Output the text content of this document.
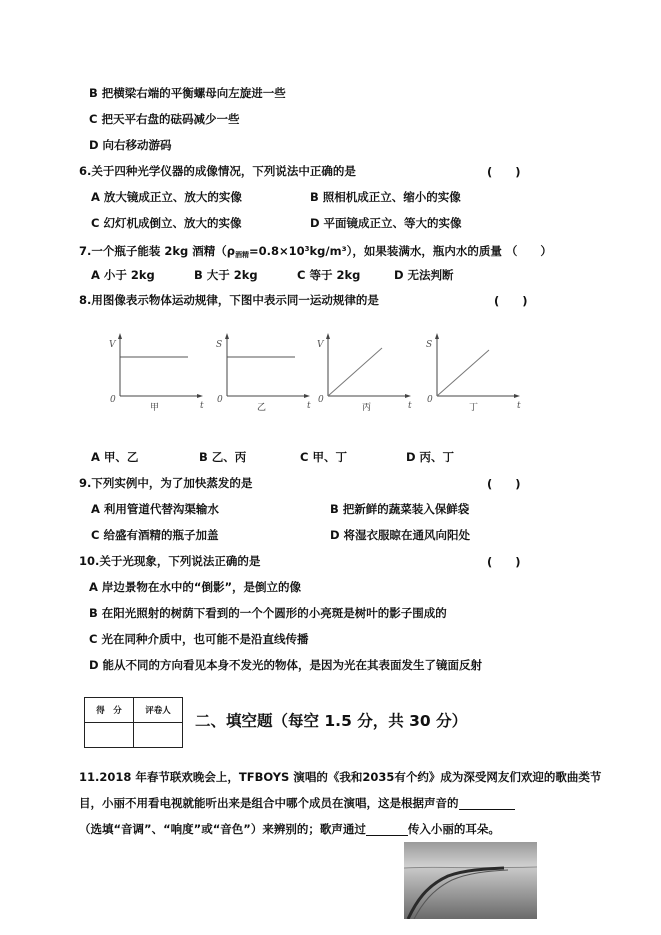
B 把横梁右端的平衡螺母向左旋进一些
C 把天平右盘的砝码减少一些
D 向右移动游码
6.关于四种光学仪器的成像情况，下列说法中正确的是	(　　)
A 放大镜成正立、放大的实像	B 照相机成正立、缩小的实像
C 幻灯机成倒立、放大的实像	D 平面镜成正立、等大的实像
7.一个瓶子能装 2kg 酒精$(\rho_{酒精}=0.8\times 10^3kg/m^3)$，如果装满水，瓶内水的质量 （　　）
A 小于 2kg	B 大于 2kg	C 等于 2kg	D 无法判断
8.用图像表示物体运动规律，下图中表示同一运动规律的是	(　　)
V
t
0
甲
S
t
0
乙
V
t
0
丙
S
t
0
丁
A 甲、乙	B 乙、丙	C 甲、丁	D 丙、丁
9.下列实例中，为了加快蒸发的是	(　　)
A 利用管道代替沟渠输水	B 把新鲜的蔬菜装入保鲜袋
C 给盛有酒精的瓶子加盖	D 将湿衣服晾在通风向阳处
10.关于光现象，下列说法正确的是	(　　)
A 岸边景物在水中的“倒影”，是倒立的像
B 在阳光照射的树荫下看到的一个个圆形的小亮斑是树叶的影子围成的
C 光在同种介质中，也可能不是沿直线传播
D 能从不同的方向看见本身不发光的物体，是因为光在其表面发生了镜面反射
得　分	评卷人

二、填空题（每空 1.5 分，共 30 分）
11.2018 年春节联欢晚会上，TFBOYS 演唱的《我和2035有个约》成为深受网友们欢迎的歌曲类节
目，小丽不用看电视就能听出来是组合中哪个成员在演唱，这是根据声音的
（选填“音调”、“响度”或“音色”）来辨别的；歌声通过	传入小丽的耳朵。
